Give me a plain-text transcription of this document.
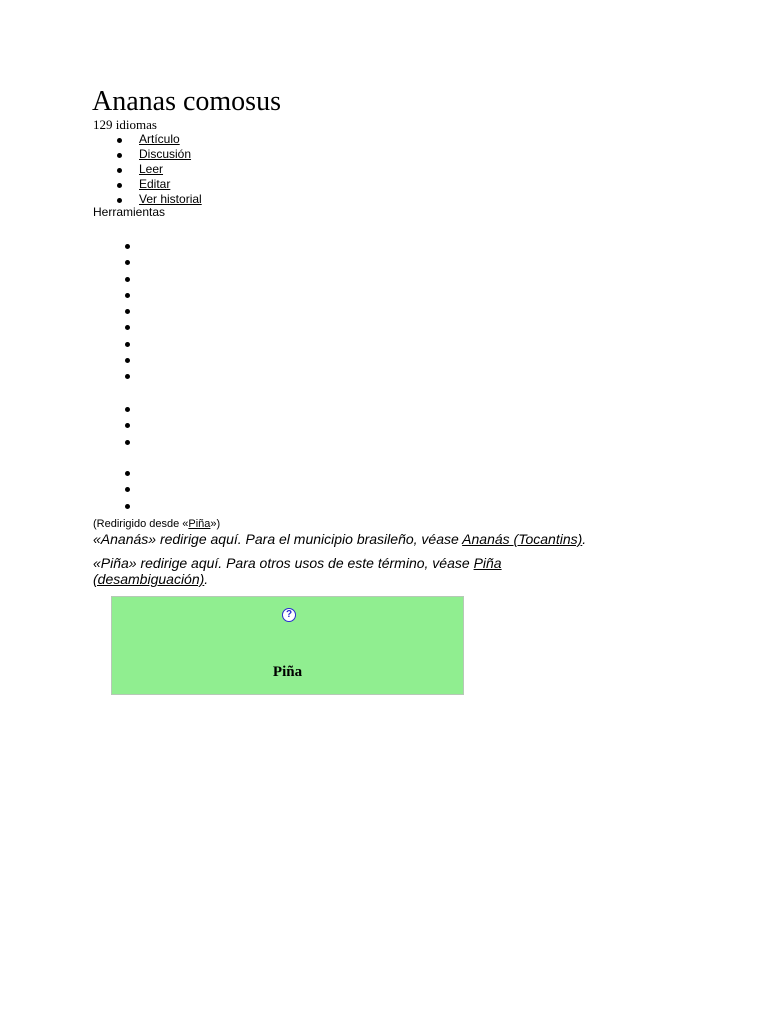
Ananas comosus
129 idiomas
Artículo
Discusión
Leer
Editar
Ver historial
Herramientas
(Redirigido desde «Piña»)
«Ananás» redirige aquí. Para el municipio brasileño, véase Ananás (Tocantins).
«Piña» redirige aquí. Para otros usos de este término, véase Piña (desambiguación).
?
Piña
